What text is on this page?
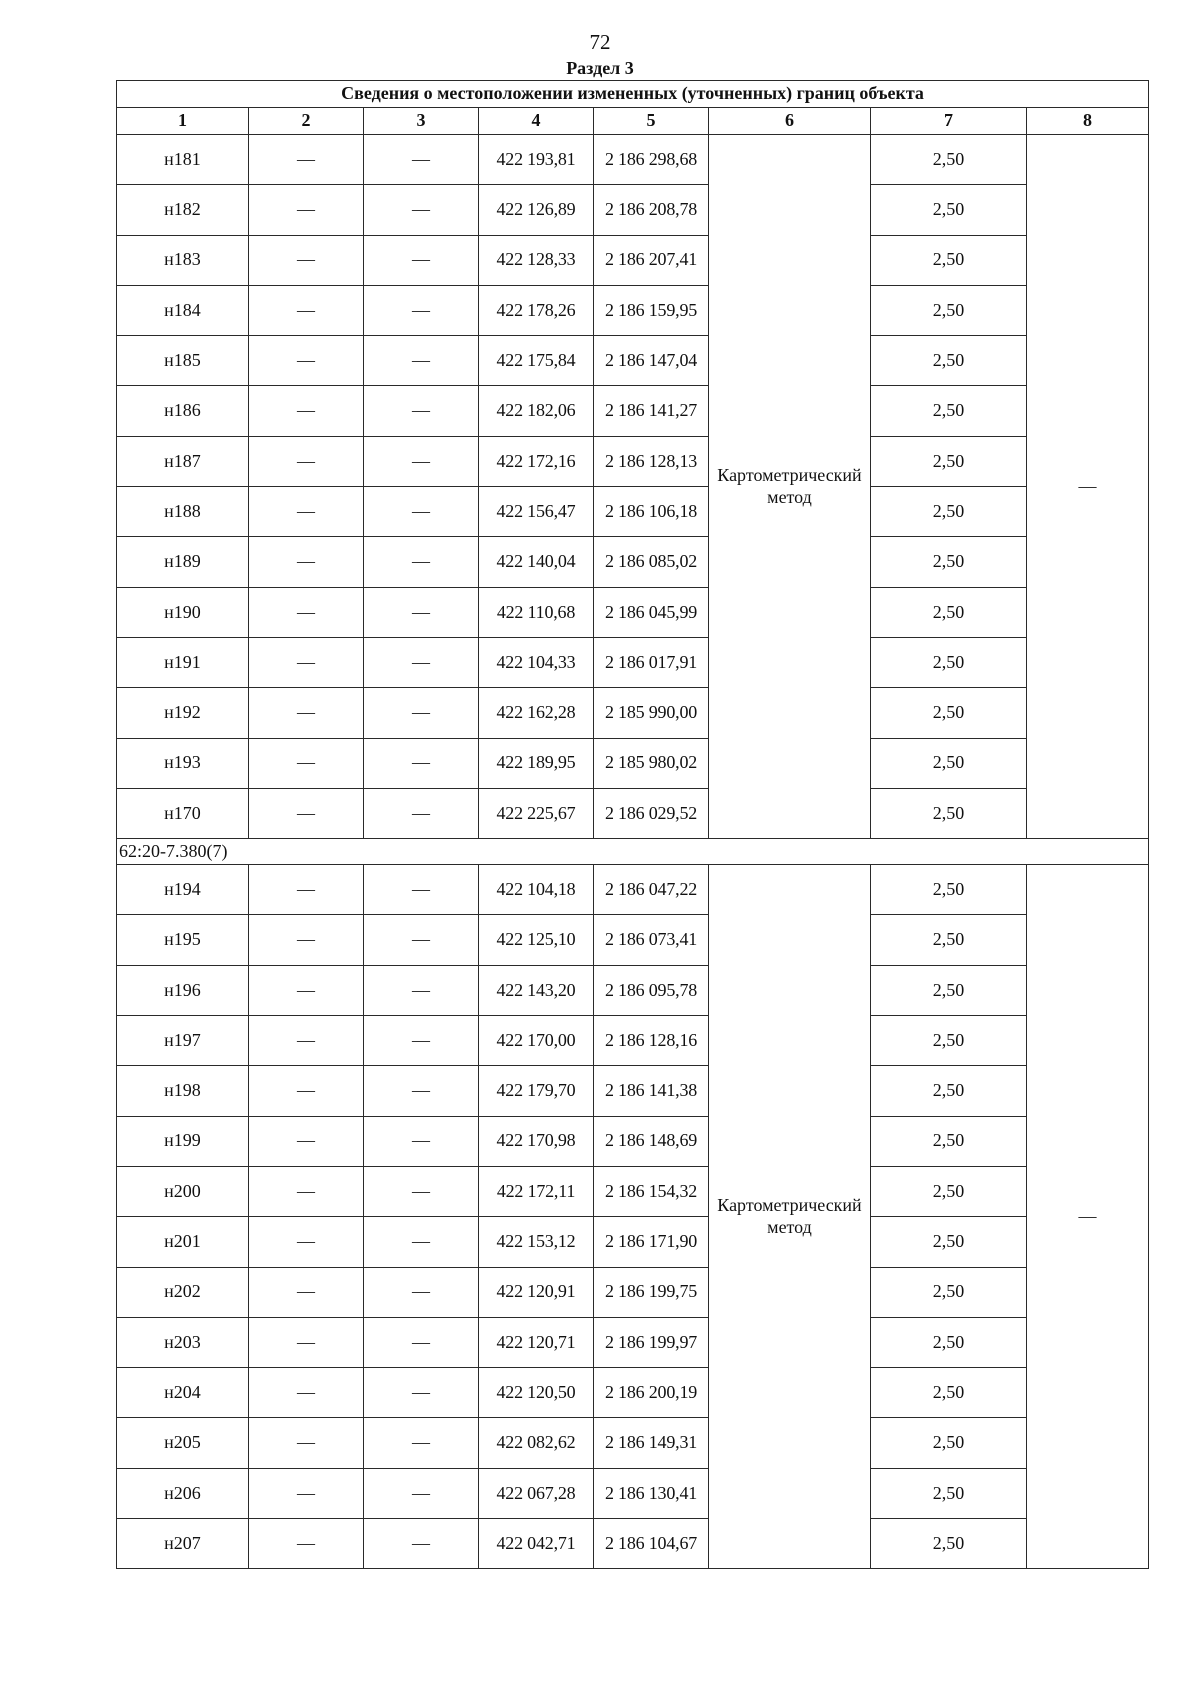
72
Раздел 3
Сведения о местоположении измененных (уточненных) границ объекта							
1	2	3	4	5	6	7	8
н181	—	—	422 193,81	2 186 298,68	Картометрический метод	2,50	—
н182	—	—	422 126,89	2 186 208,78		2,50	
н183	—	—	422 128,33	2 186 207,41		2,50	
н184	—	—	422 178,26	2 186 159,95		2,50	
н185	—	—	422 175,84	2 186 147,04		2,50	
н186	—	—	422 182,06	2 186 141,27		2,50	
н187	—	—	422 172,16	2 186 128,13		2,50	
н188	—	—	422 156,47	2 186 106,18		2,50	
н189	—	—	422 140,04	2 186 085,02		2,50	
н190	—	—	422 110,68	2 186 045,99		2,50	
н191	—	—	422 104,33	2 186 017,91		2,50	
н192	—	—	422 162,28	2 185 990,00		2,50	
н193	—	—	422 189,95	2 185 980,02		2,50	
н170	—	—	422 225,67	2 186 029,52		2,50	
62:20-7.380(7)							
н194	—	—	422 104,18	2 186 047,22	Картометрический метод	2,50	—
н195	—	—	422 125,10	2 186 073,41		2,50	
н196	—	—	422 143,20	2 186 095,78		2,50	
н197	—	—	422 170,00	2 186 128,16		2,50	
н198	—	—	422 179,70	2 186 141,38		2,50	
н199	—	—	422 170,98	2 186 148,69		2,50	
н200	—	—	422 172,11	2 186 154,32		2,50	
н201	—	—	422 153,12	2 186 171,90		2,50	
н202	—	—	422 120,91	2 186 199,75		2,50	
н203	—	—	422 120,71	2 186 199,97		2,50	
н204	—	—	422 120,50	2 186 200,19		2,50	
н205	—	—	422 082,62	2 186 149,31		2,50	
н206	—	—	422 067,28	2 186 130,41		2,50	
н207	—	—	422 042,71	2 186 104,67		2,50	
